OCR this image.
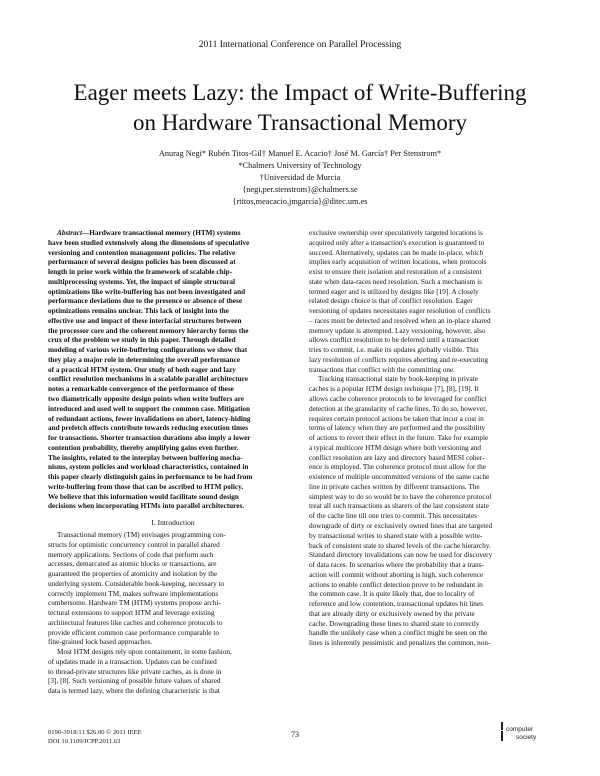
2011 International Conference on Parallel Processing
Eager meets Lazy: the Impact of Write-Buffering
on Hardware Transactional Memory
Anurag Negi* Rubén Titos-Gil† Manuel E. Acacio† José M. García† Per Stenstrom*
*Chalmers University of Technology
†Universidad de Murcia
{negi,per.stenstrom}@chalmers.se
{rtitos,meacacio,jmgarcia}@ditec.um.es
Abstract—Hardware transactional memory (HTM) systems
have been studied extensively along the dimensions of speculative
versioning and contention management policies. The relative
performance of several designs policies has been discussed at
length in prior work within the framework of scalable chip-
multiprocessing systems. Yet, the impact of simple structural
optimizations like write-buffering has not been investigated and
performance deviations due to the presence or absence of these
optimizations remains unclear. This lack of insight into the
effective use and impact of these interfacial structures between
the processor core and the coherent memory hierarchy forms the
crux of the problem we study in this paper. Through detailed
modeling of various write-buffering configurations we show that
they play a major role in determining the overall performance
of a practical HTM system. Our study of both eager and lazy
conflict resolution mechanisms in a scalable parallel architecture
notes a remarkable convergence of the performance of these
two diametrically opposite design points when write buffers are
introduced and used well to support the common case. Mitigation
of redundant actions, fewer invalidations on abort, latency-hiding
and prefetch effects contribute towards reducing execution times
for transactions. Shorter transaction durations also imply a lower
contention probability, thereby amplifying gains even further.
The insights, related to the interplay between buffering mecha-
nisms, system policies and workload characteristics, contained in
this paper clearly distinguish gains in performance to be had from
write-buffering from those that can be ascribed to HTM policy.
We believe that this information would facilitate sound design
decisions when incorporating HTMs into parallel architectures.
I. Introduction
Transactional memory (TM) envisages programming con-
structs for optimistic concurrency control in parallel shared
memory applications. Sections of code that perform such
accesses, demarcated as atomic blocks or transactions, are
guaranteed the properties of atomicity and isolation by the
underlying system. Considerable book-keeping, necessary to
correctly implement TM, makes software implementations
cumbersome. Hardware TM (HTM) systems propose archi-
tectural extensions to support HTM and leverage existing
architectural features like caches and coherence protocols to
provide efficient common case performance comparable to
fine-grained lock based approaches.
Most HTM designs rely upon containment, in some fashion,
of updates made in a transaction. Updates can be confined
to thread-private structures like private caches, as is done in
[3], [8]. Such versioning of possible future values of shared
data is termed lazy, where the defining characteristic is that
exclusive ownership over speculatively targeted locations is
acquired only after a transaction's execution is guaranteed to
succeed. Alternatively, updates can be made in-place, which
implies early acquisition of written locations, when protocols
exist to ensure their isolation and restoration of a consistent
state when data-races need resolution. Such a mechanism is
termed eager and is utilized by designs like [19]. A closely
related design choice is that of conflict resolution. Eager
versioning of updates necessitates eager resolution of conflicts
– races must be detected and resolved when an in-place shared
memory update is attempted. Lazy versioning, however, also
allows conflict resolution to be deferred until a transaction
tries to commit, i.e. make its updates globally visible. This
lazy resolution of conflicts requires aborting and re-executing
transactions that conflict with the committing one.
Tracking transactional state by book-keeping in private
caches is a popular HTM design technique [7], [8], [19]. It
allows cache coherence protocols to be leveraged for conflict
detection at the granularity of cache lines. To do so, however,
requires certain protocol actions be taken that incur a cost in
terms of latency when they are performed and the possibility
of actions to revert their effect in the future. Take for example
a typical multicore HTM design where both versioning and
conflict resolution are lazy and directory based MESI coher-
ence is employed. The coherence protocol must allow for the
existence of multiple uncommitted versions of the same cache
line in private caches written by different transactions. The
simplest way to do so would be to have the coherence protocol
treat all such transactions as sharers of the last consistent state
of the cache line till one tries to commit. This necessitates
downgrade of dirty or exclusively owned lines that are targeted
by transactional writes to shared state with a possible write-
back of consistent state to shared levels of the cache hierarchy.
Standard directory invalidations can now be used for discovery
of data races. In scenarios where the probability that a trans-
action will commit without aborting is high, such coherence
actions to enable conflict detection prove to be redundant in
the common case. It is quite likely that, due to locality of
reference and low contention, transactional updates hit lines
that are already dirty or exclusively owned by the private
cache. Downgrading these lines to shared state to correctly
handle the unlikely case when a conflict might be seen on the
lines is inherently pessimistic and penalizes the common, non-
0190-3918/11 $26.00 © 2011 IEEE
DOI 10.1109/ICPP.2011.63
73
computer
society
